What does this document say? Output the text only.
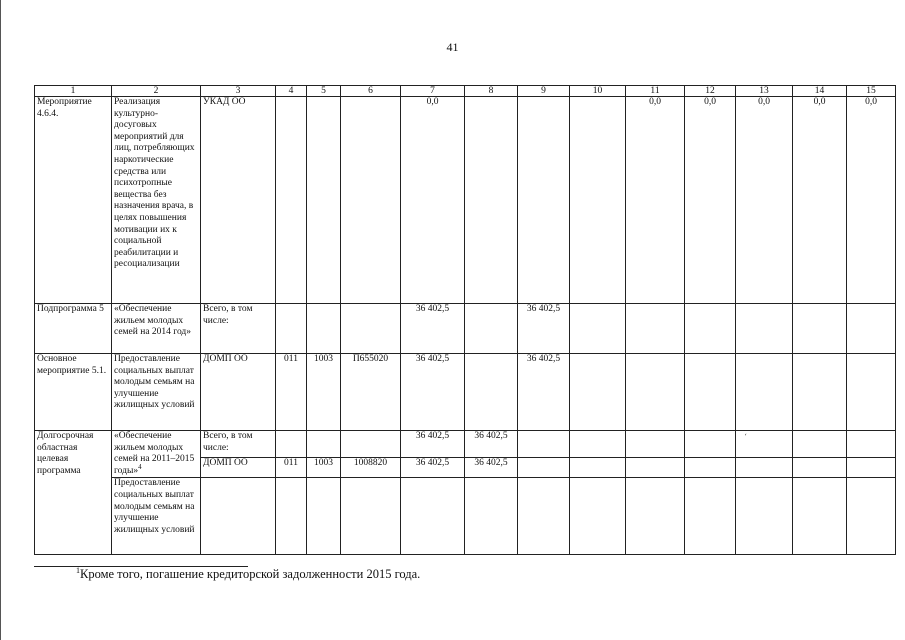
41
1	2	3	4	5	6	7	8	9	10	11	12	13	14	15
Мероприятие 4.6.4.	Реализация культурно-досуговых мероприятий для лиц, потребляющих наркотические средства или психотропные вещества без назначения врача, в целях повышения мотивации их к социальной реабилитации и ресоциализации	УКАД ОО				0,0				0,0	0,0	0,0	0,0	0,0
Подпрограмма 5	«Обеспечение жильем молодых семей на 2014 год»	Всего, в том числе:				36 402,5		36 402,5						
Основное мероприятие 5.1.	Предоставление социальных выплат молодым семьям на улучшение жилищных условий	ДОМП ОО	011	1003	П655020	36 402,5		36 402,5						
Долгосрочная областная целевая программа	«Обеспечение жильем молодых семей на 2011–2015 годы»$^4$	Всего, в том числе:				36 402,5	36 402,5							
		ДОМП ОО	011	1003	1008820	36 402,5	36 402,5							
	Предоставление социальных выплат молодым семьям на улучшение жилищных условий													
ˊ
$^1$Кроме того, погашение кредиторской задолженности 2015 года.
